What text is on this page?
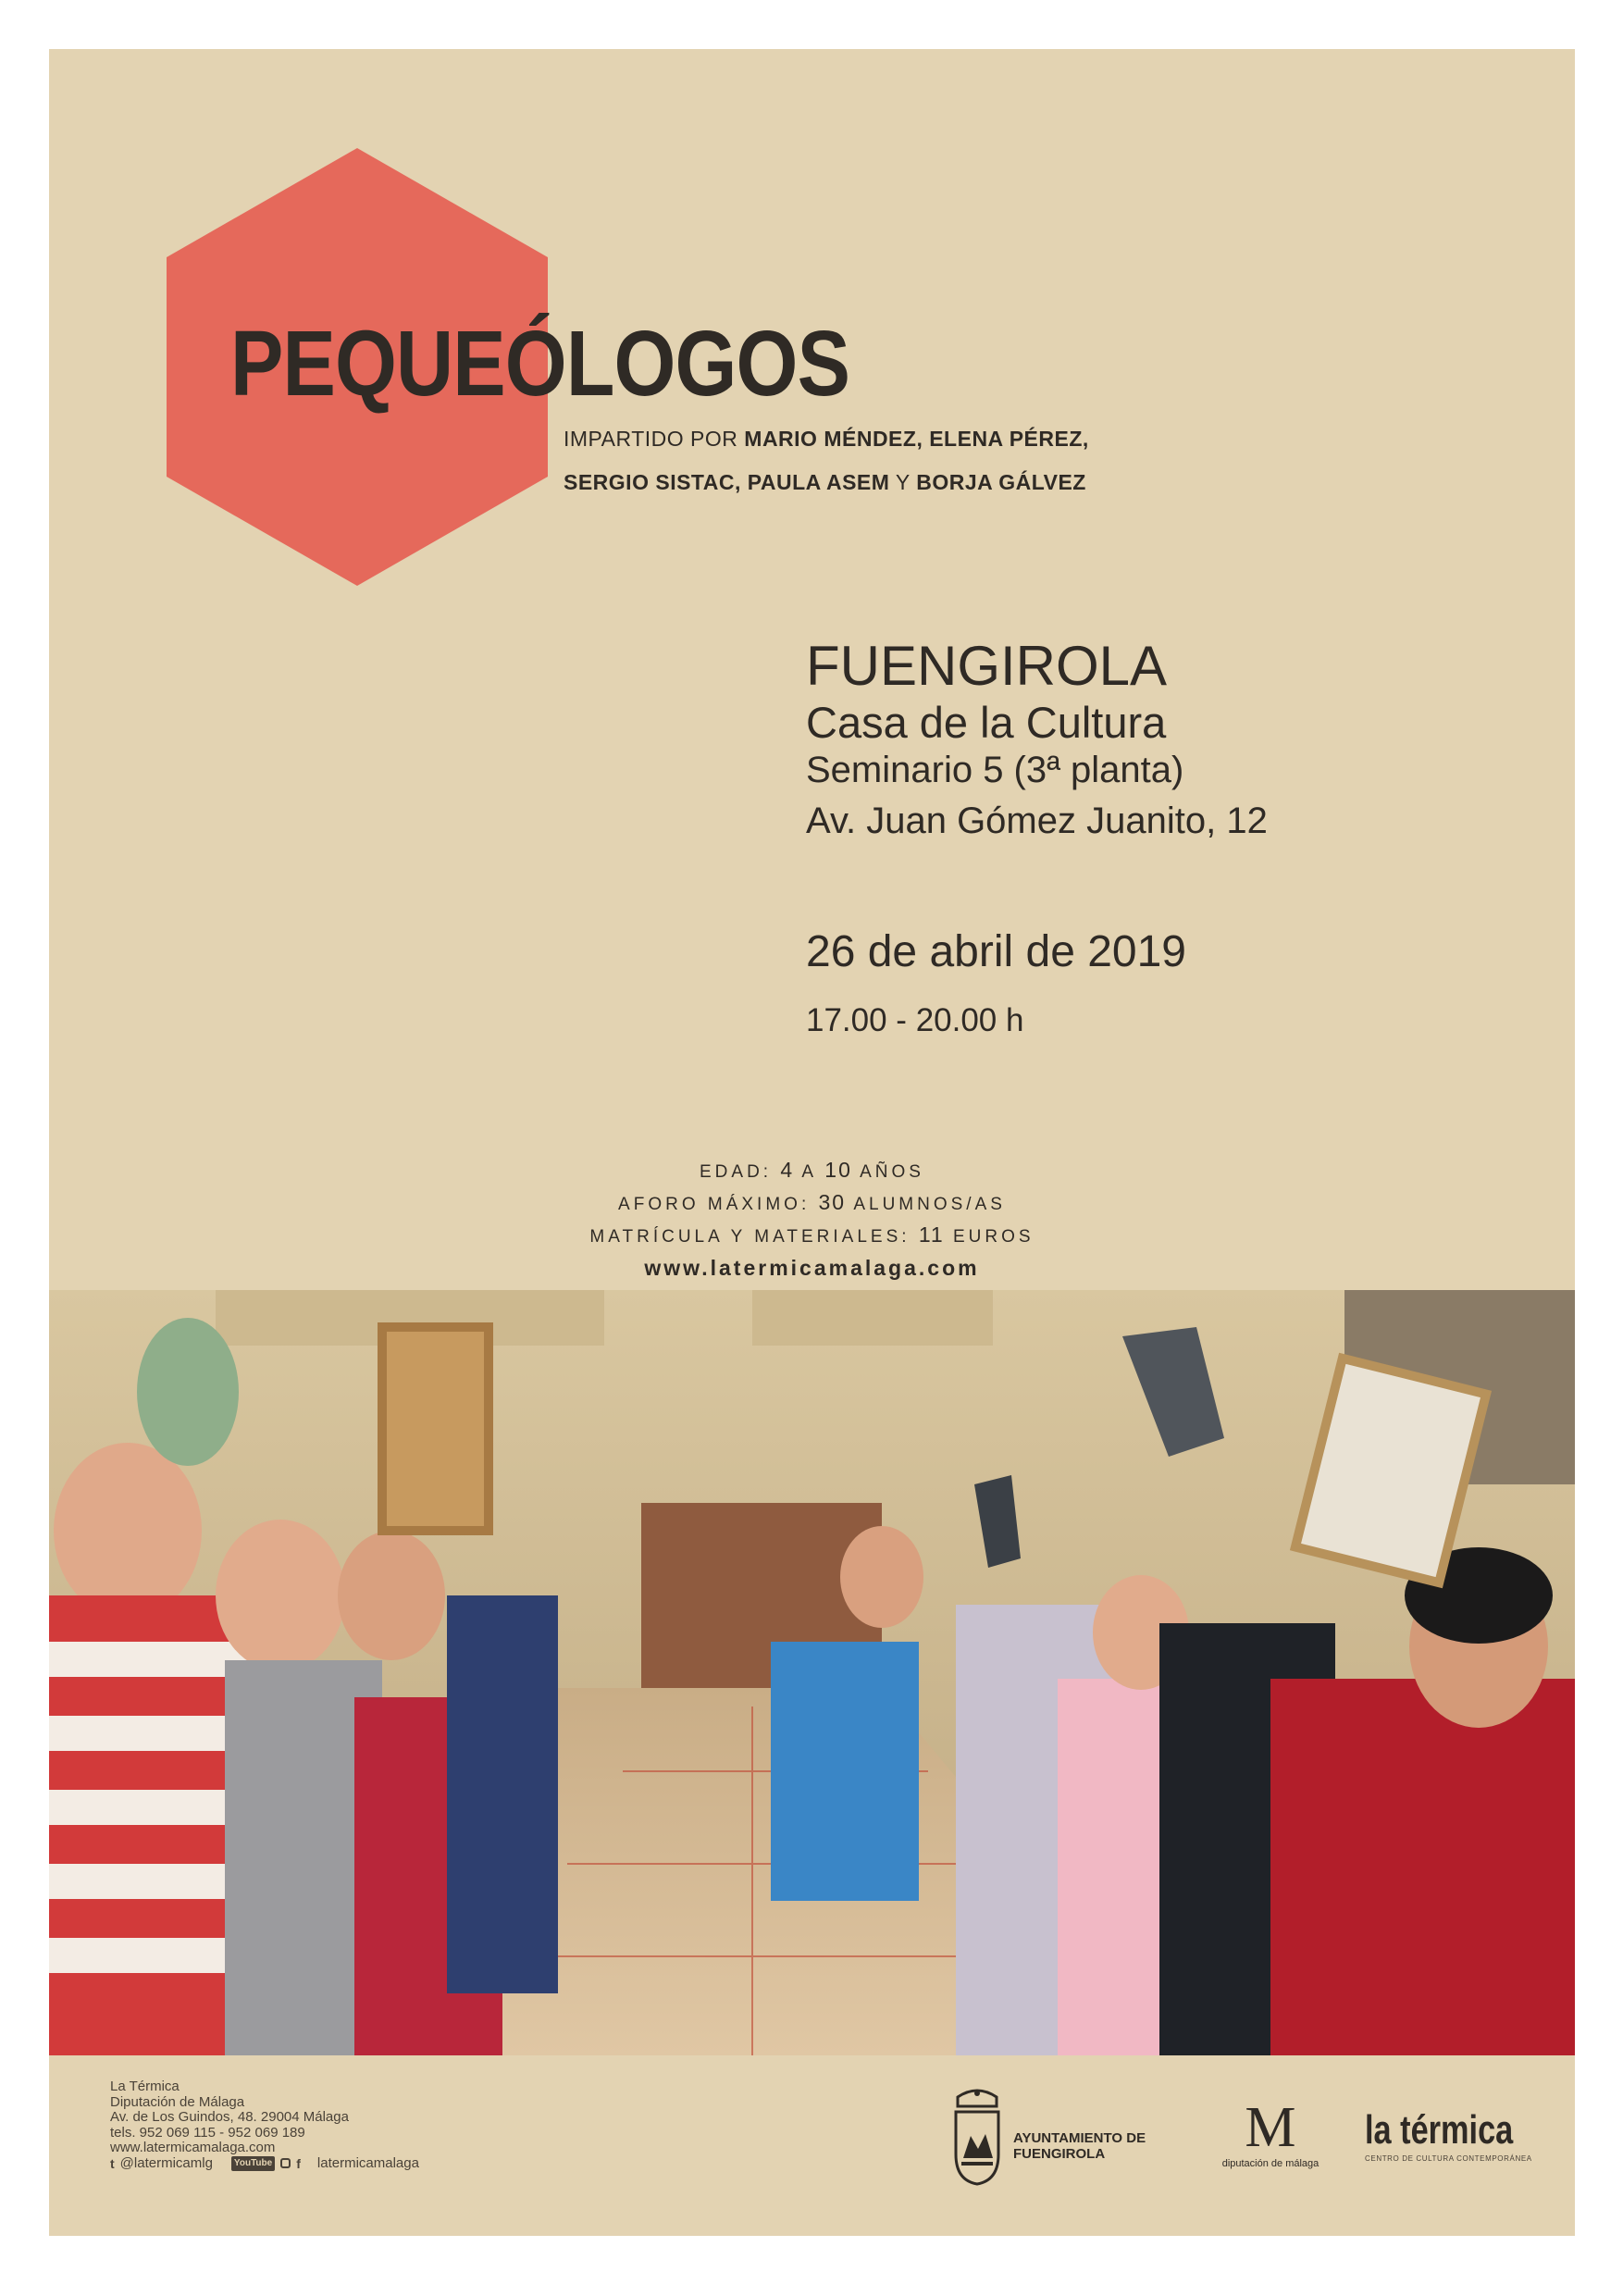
PEQUEÓLOGOS
IMPARTIDO POR MARIO MÉNDEZ, ELENA PÉREZ,
SERGIO SISTAC, PAULA ASEM Y BORJA GÁLVEZ
FUENGIROLA
Casa de la Cultura
Seminario 5 (3ª planta)
Av. Juan Gómez Juanito, 12
26 de abril de 2019
17.00 - 20.00 h
EDAD: 4 A 10 AÑOS
AFORO MÁXIMO: 30 ALUMNOS/AS
MATRÍCULA Y MATERIALES: 11 EUROS
www.latermicamalaga.com
La Térmica
Diputación de Málaga
Av. de Los Guindos, 48. 29004 Málaga
tels. 952 069 115 - 952 069 189
www.latermicamalaga.com
t @latermicamlg	YouTube f latermicamalaga
AYUNTAMIENTO DE
FUENGIROLA	M
diputación de málaga
la térmica
CENTRO DE CULTURA CONTEMPORÁNEA
